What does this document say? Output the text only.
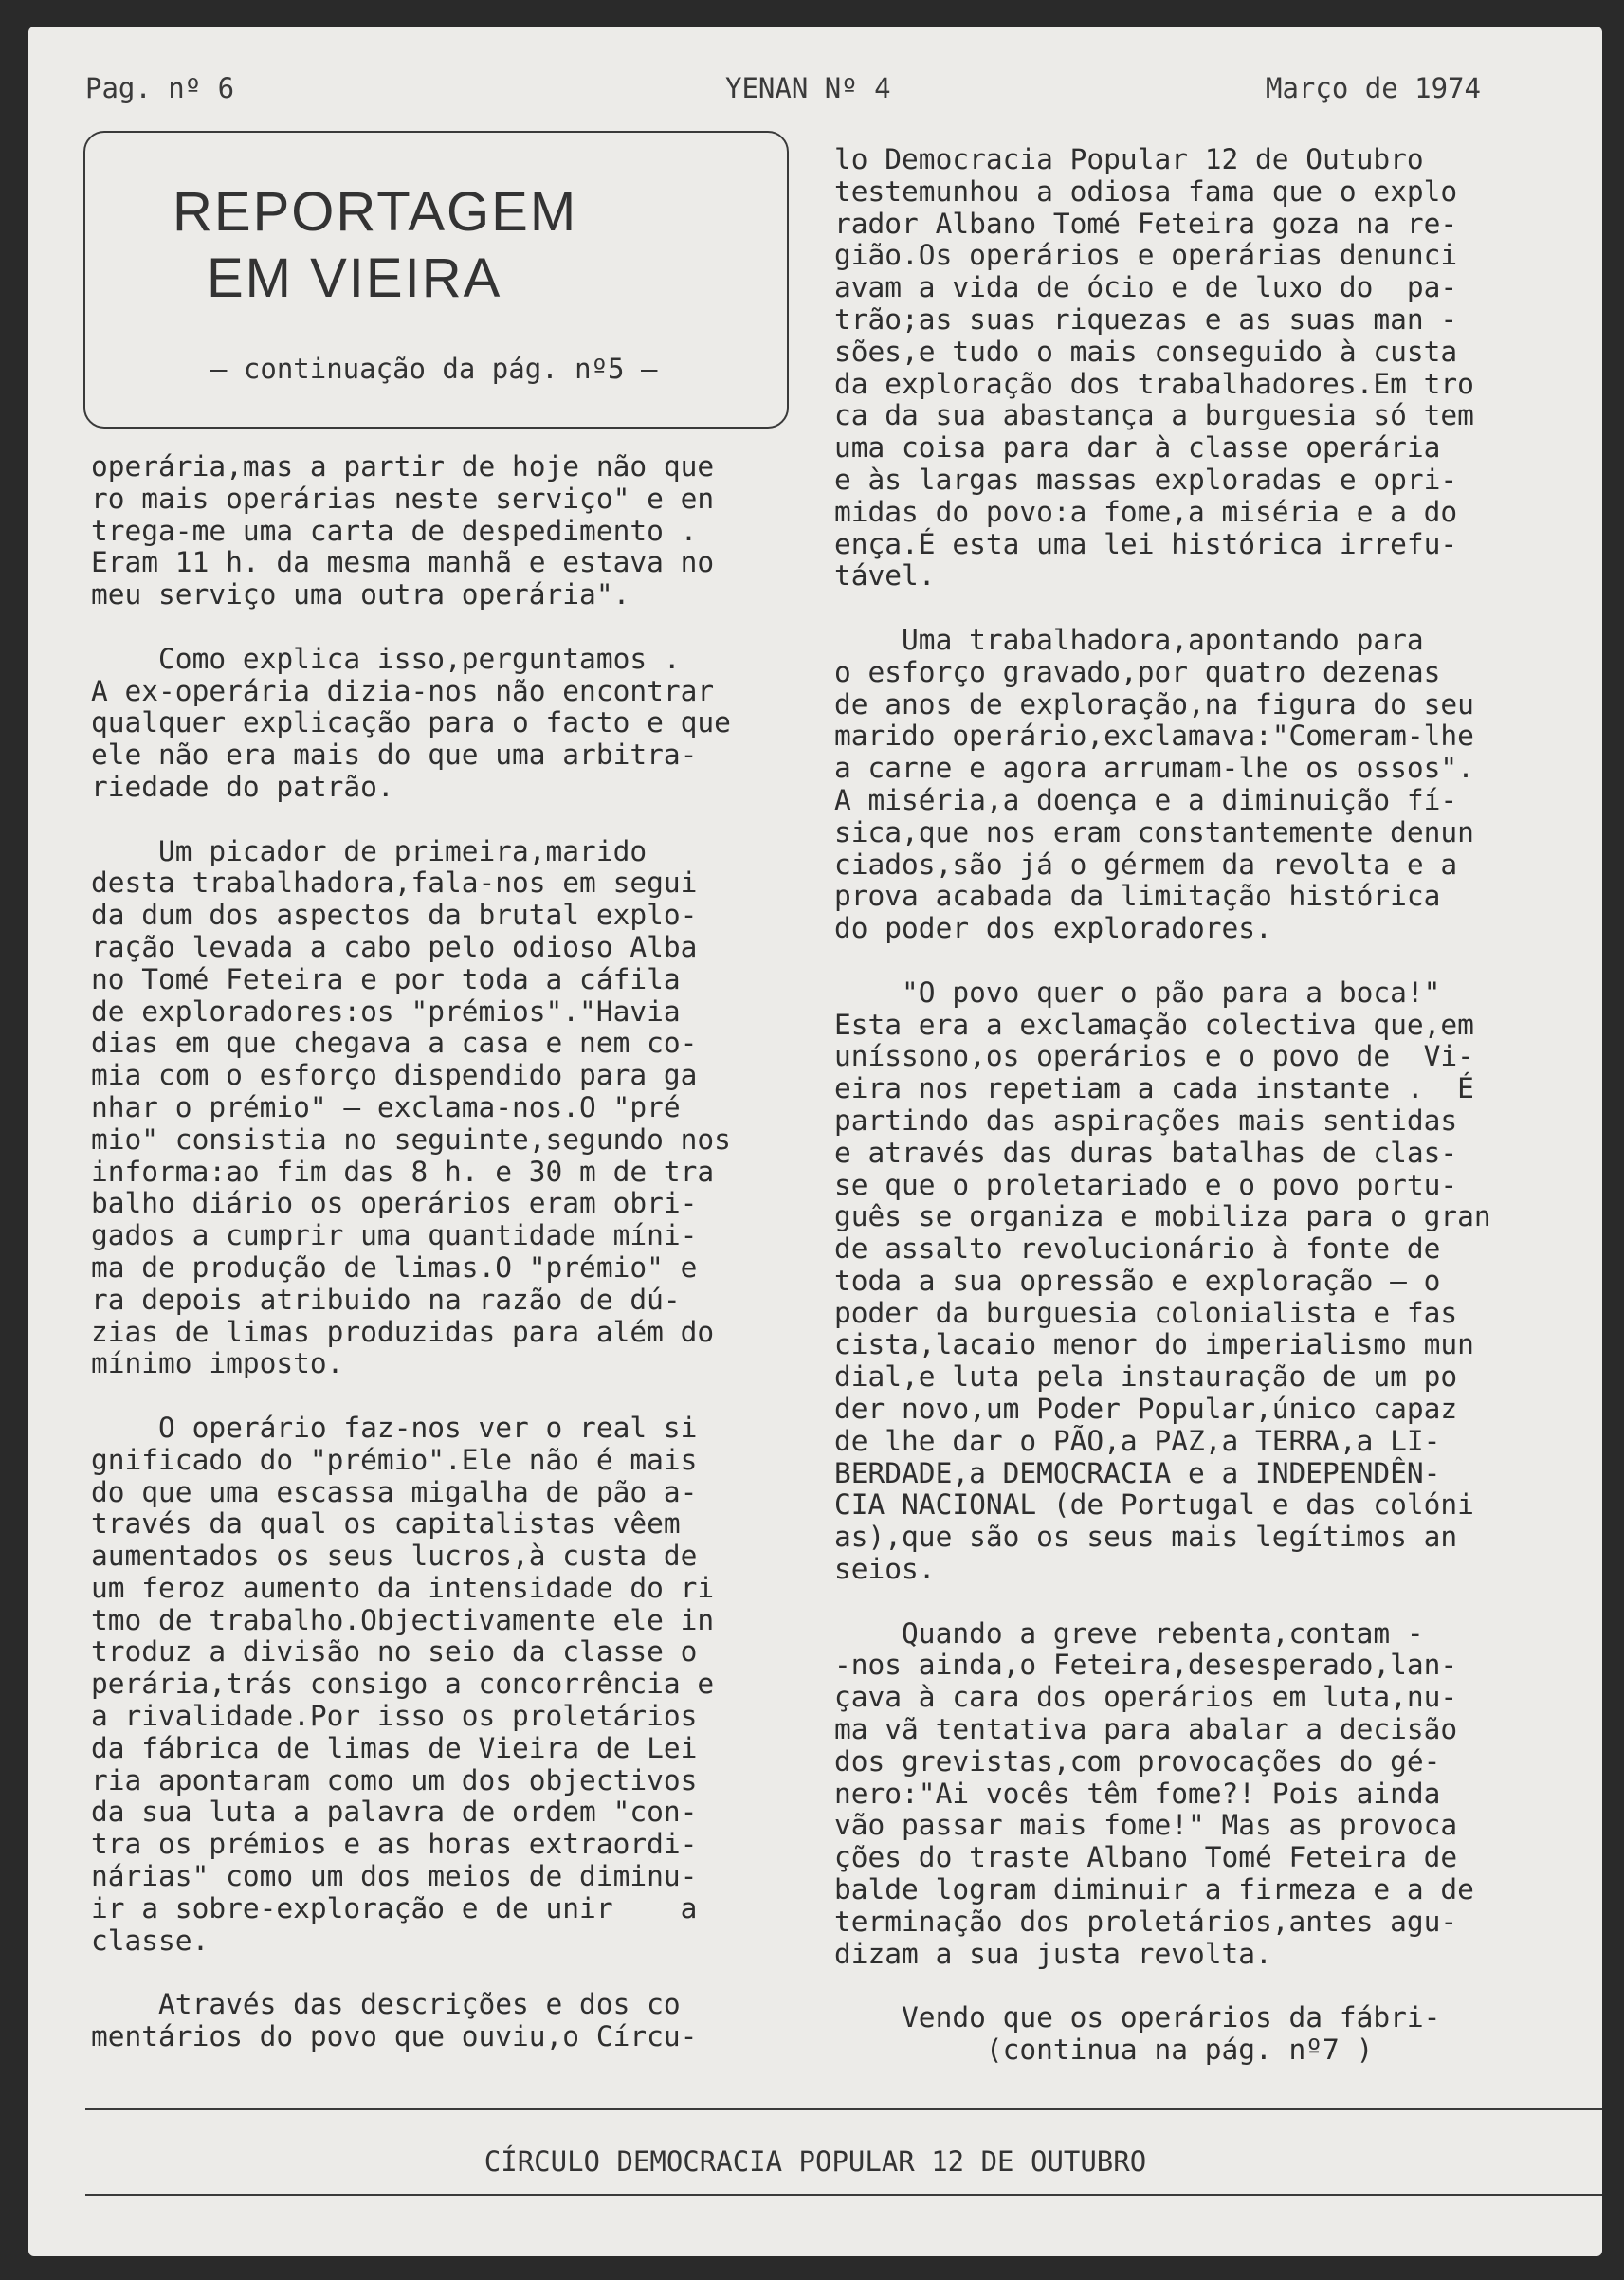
Pag. nº 6	YENAN Nº 4	Março de 1974
REPORTAGEM
EM VIEIRA
— continuação da pág. nº5 —
operária,mas a partir de hoje não que
ro mais operárias neste serviço" e en
trega-me uma carta de despedimento .
Eram 11 h. da mesma manhã e estava no
meu serviço uma outra operária".

Como explica isso,perguntamos .
A ex-operária dizia-nos não encontrar
qualquer explicação para o facto e que
ele não era mais do que uma arbitra-
riedade do patrão.

Um picador de primeira,marido
desta trabalhadora,fala-nos em segui
da dum dos aspectos da brutal explo-
ração levada a cabo pelo odioso Alba
no Tomé Feteira e por toda a cáfila
de exploradores:os "prémios"."Havia
dias em que chegava a casa e nem co-
mia com o esforço dispendido para ga
nhar o prémio" — exclama-nos.O "pré
mio" consistia no seguinte,segundo nos
informa:ao fim das 8 h. e 30 m de tra
balho diário os operários eram obri-
gados a cumprir uma quantidade míni-
ma de produção de limas.O "prémio" e
ra depois atribuido na razão de dú-
zias de limas produzidas para além do
mínimo imposto.

O operário faz-nos ver o real si
gnificado do "prémio".Ele não é mais
do que uma escassa migalha de pão a-
través da qual os capitalistas vêem
aumentados os seus lucros,à custa de
um feroz aumento da intensidade do ri
tmo de trabalho.Objectivamente ele in
troduz a divisão no seio da classe o
perária,trás consigo a concorrência e
a rivalidade.Por isso os proletários
da fábrica de limas de Vieira de Lei
ria apontaram como um dos objectivos
da sua luta a palavra de ordem "con-
tra os prémios e as horas extraordi-
nárias" como um dos meios de diminu-
ir a sobre-exploração e de unir    a
classe.

Através das descrições e dos co
mentários do povo que ouviu,o Círcu-
lo Democracia Popular 12 de Outubro
testemunhou a odiosa fama que o explo
rador Albano Tomé Feteira goza na re-
gião.Os operários e operárias denunci
avam a vida de ócio e de luxo do  pa-
trão;as suas riquezas e as suas man -
sões,e tudo o mais conseguido à custa
da exploração dos trabalhadores.Em tro
ca da sua abastança a burguesia só tem
uma coisa para dar à classe operária
e às largas massas exploradas e opri-
midas do povo:a fome,a miséria e a do
ença.É esta uma lei histórica irrefu-
tável.

Uma trabalhadora,apontando para
o esforço gravado,por quatro dezenas
de anos de exploração,na figura do seu
marido operário,exclamava:"Comeram-lhe
a carne e agora arrumam-lhe os ossos".
A miséria,a doença e a diminuição fí-
sica,que nos eram constantemente denun
ciados,são já o gérmem da revolta e a
prova acabada da limitação histórica
do poder dos exploradores.

"O povo quer o pão para a boca!"
Esta era a exclamação colectiva que,em
uníssono,os operários e o povo de  Vi-
eira nos repetiam a cada instante .  É
partindo das aspirações mais sentidas
e através das duras batalhas de clas-
se que o proletariado e o povo portu-
guês se organiza e mobiliza para o gran
de assalto revolucionário à fonte de
toda a sua opressão e exploração — o
poder da burguesia colonialista e fas
cista,lacaio menor do imperialismo mun
dial,e luta pela instauração de um po
der novo,um Poder Popular,único capaz
de lhe dar o PÃO,a PAZ,a TERRA,a LI-
BERDADE,a DEMOCRACIA e a INDEPENDÊN-
CIA NACIONAL (de Portugal e das colóni
as),que são os seus mais legítimos an
seios.

Quando a greve rebenta,contam -
-nos ainda,o Feteira,desesperado,lan-
çava à cara dos operários em luta,nu-
ma vã tentativa para abalar a decisão
dos grevistas,com provocações do gé-
nero:"Ai vocês têm fome?! Pois ainda
vão passar mais fome!" Mas as provoca
ções do traste Albano Tomé Feteira de
balde logram diminuir a firmeza e a de
terminação dos proletários,antes agu-
dizam a sua justa revolta.

Vendo que os operários da fábri-
(continua na pág. nº7 )
CÍRCULO DEMOCRACIA POPULAR 12 DE OUTUBRO
